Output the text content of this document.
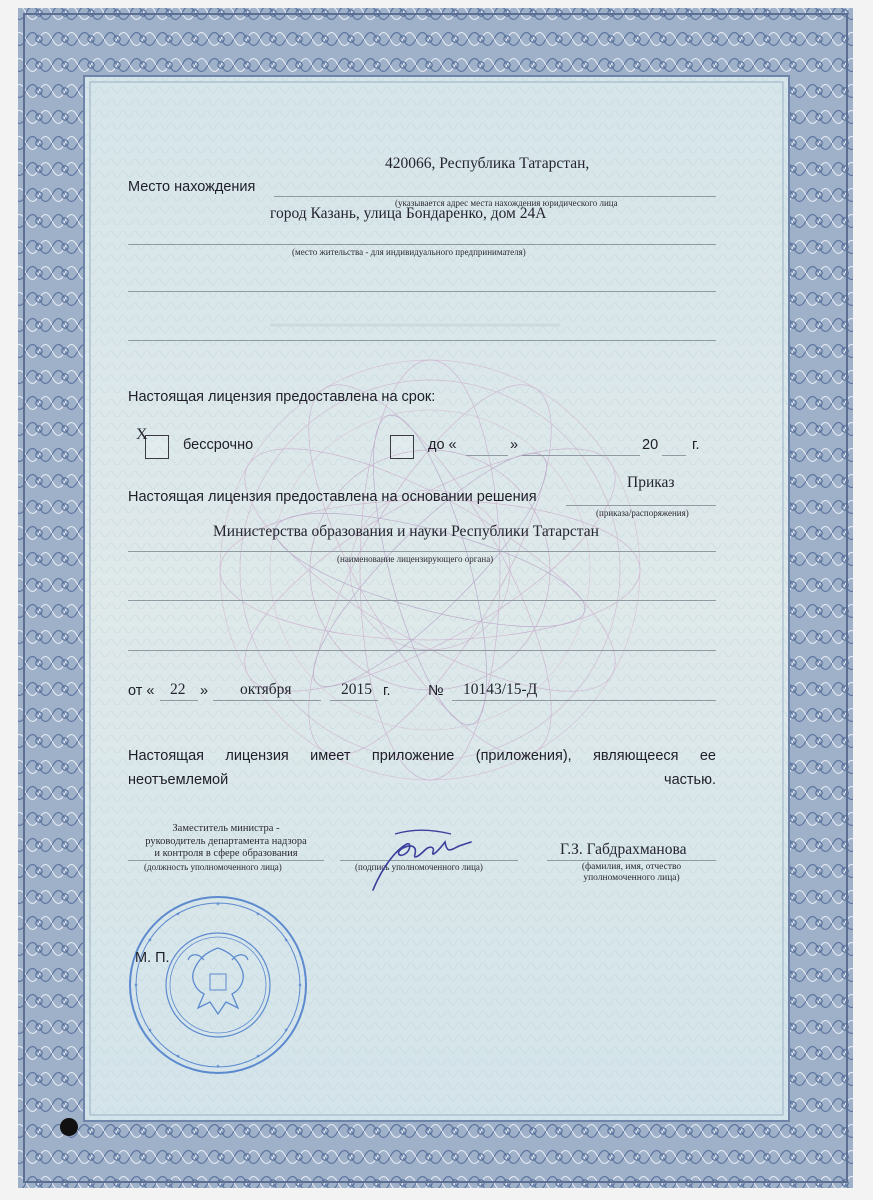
420066, Республика Татарстан,
Место нахождения
(указывается адрес места нахождения юридического лица
город Казань, улица Бондаренко, дом 24А
(место жительства - для индивидуального предпринимателя)
Настоящая лицензия предоставлена на срок:
X
бессрочно	до «	»	20 г.
Приказ
Настоящая лицензия предоставлена на основании решения
(приказа/распоряжения)
Министерства образования и науки Республики Татарстан
(наименование лицензирующего органа)
от « 22 » октября	2015 г.	№ 10143/15-Д
Настоящая лицензия имеет приложение (приложения), являющееся ее неотъемлемой частью.
Заместитель министра -
руководитель департамента надзора
и контроля в сфере образования
(должность уполномоченного лица)	(подпись уполномоченного лица)
Г.З. Габдрахманова
(фамилия, имя, отчество
уполномоченного лица)
М. П.
